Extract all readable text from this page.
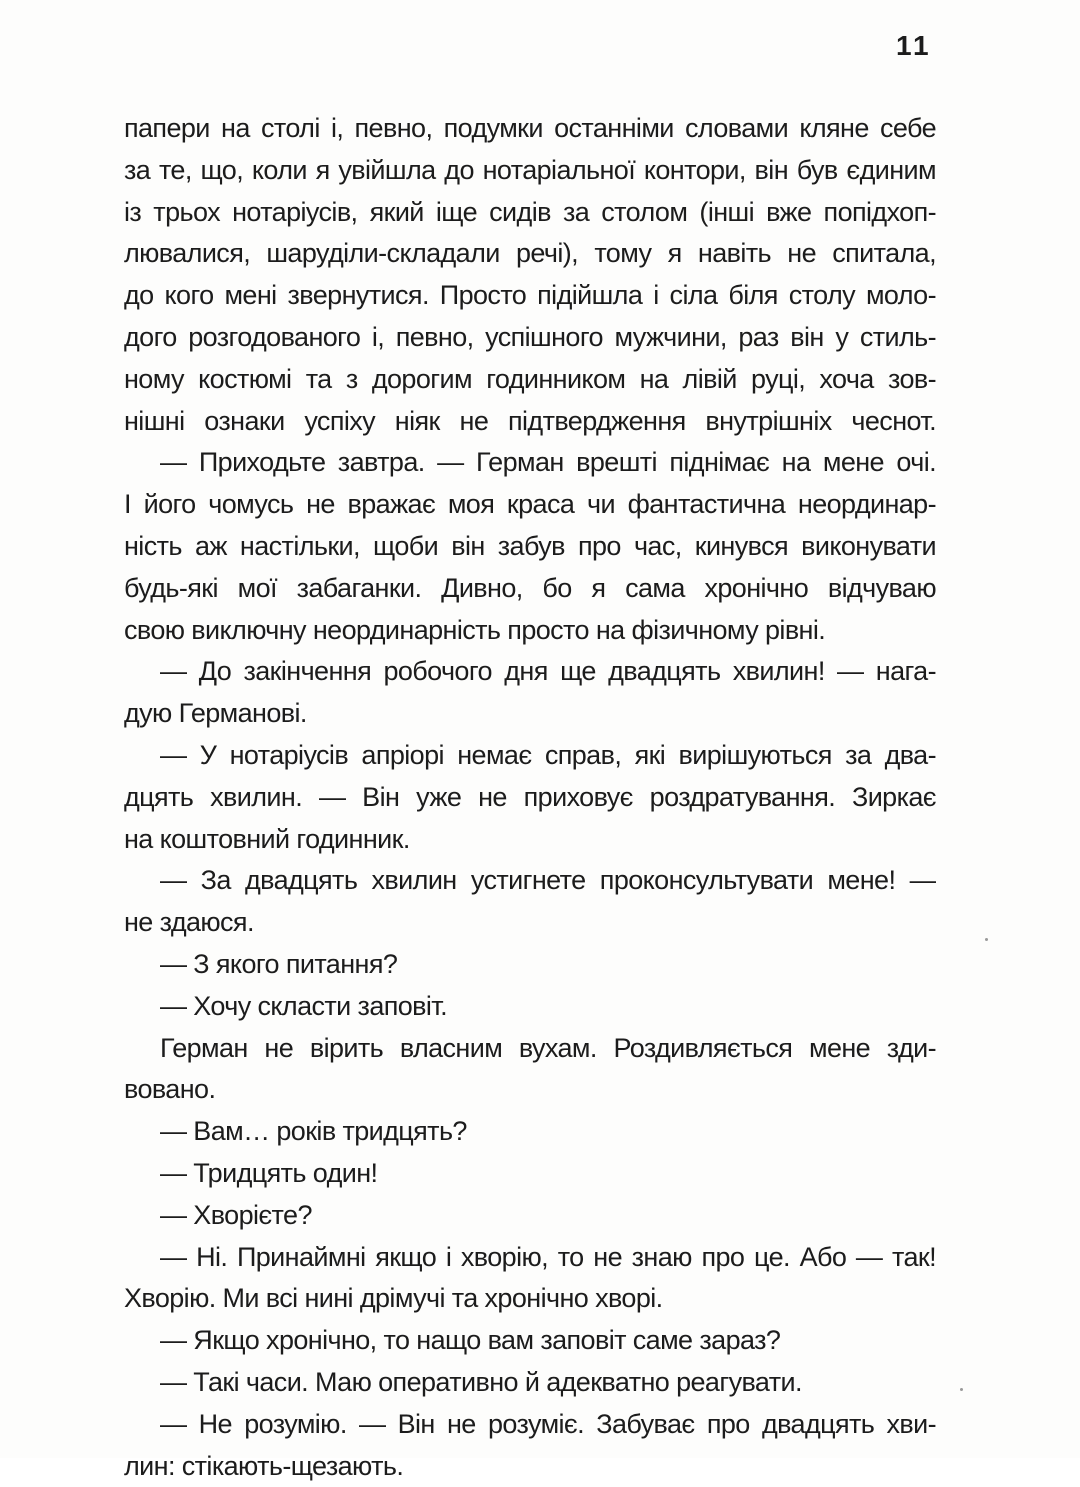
11
папери на столі і, певно, подумки останніми словами кляне себе
за те, що, коли я увійшла до нотаріальної контори, він був єдиним
із трьох нотаріусів, який іще сидів за столом (інші вже попідхоп-
лювалися, шаруділи-складали речі), тому я навіть не спитала,
до кого мені звернутися. Просто підійшла і сіла біля столу моло-
дого розгодованого і, певно, успішного мужчини, раз він у стиль-
ному костюмі та з дорогим годинником на лівій руці, хоча зов-
нішні ознаки успіху ніяк не підтвердження внутрішніх чеснот.
— Приходьте завтра. — Герман врешті піднімає на мене очі.
І його чомусь не вражає моя краса чи фантастична неординар-
ність аж настільки, щоби він забув про час, кинувся виконувати
будь-які мої забаганки. Дивно, бо я сама хронічно відчуваю
свою виключну неординарність просто на фізичному рівні.
— До закінчення робочого дня ще двадцять хвилин! — нага-
дую Германові.
— У нотаріусів апріорі немає справ, які вирішуються за два-
дцять хвилин. — Він уже не приховує роздратування. Зиркає
на коштовний годинник.
— За двадцять хвилин устигнете проконсультувати мене! —
не здаюся.
— З якого питання?
— Хочу скласти заповіт.
Герман не вірить власним вухам. Роздивляється мене зди-
вовано.
— Вам… років тридцять?
— Тридцять один!
— Хворієте?
— Ні. Принаймні якщо і хворію, то не знаю про це. Або — так!
Хворію. Ми всі нині дрімучі та хронічно хворі.
— Якщо хронічно, то нащо вам заповіт саме зараз?
— Такі часи. Маю оперативно й адекватно реагувати.
— Не розумію. — Він не розуміє. Забуває про двадцять хви-
лин: стікають-щезають.
